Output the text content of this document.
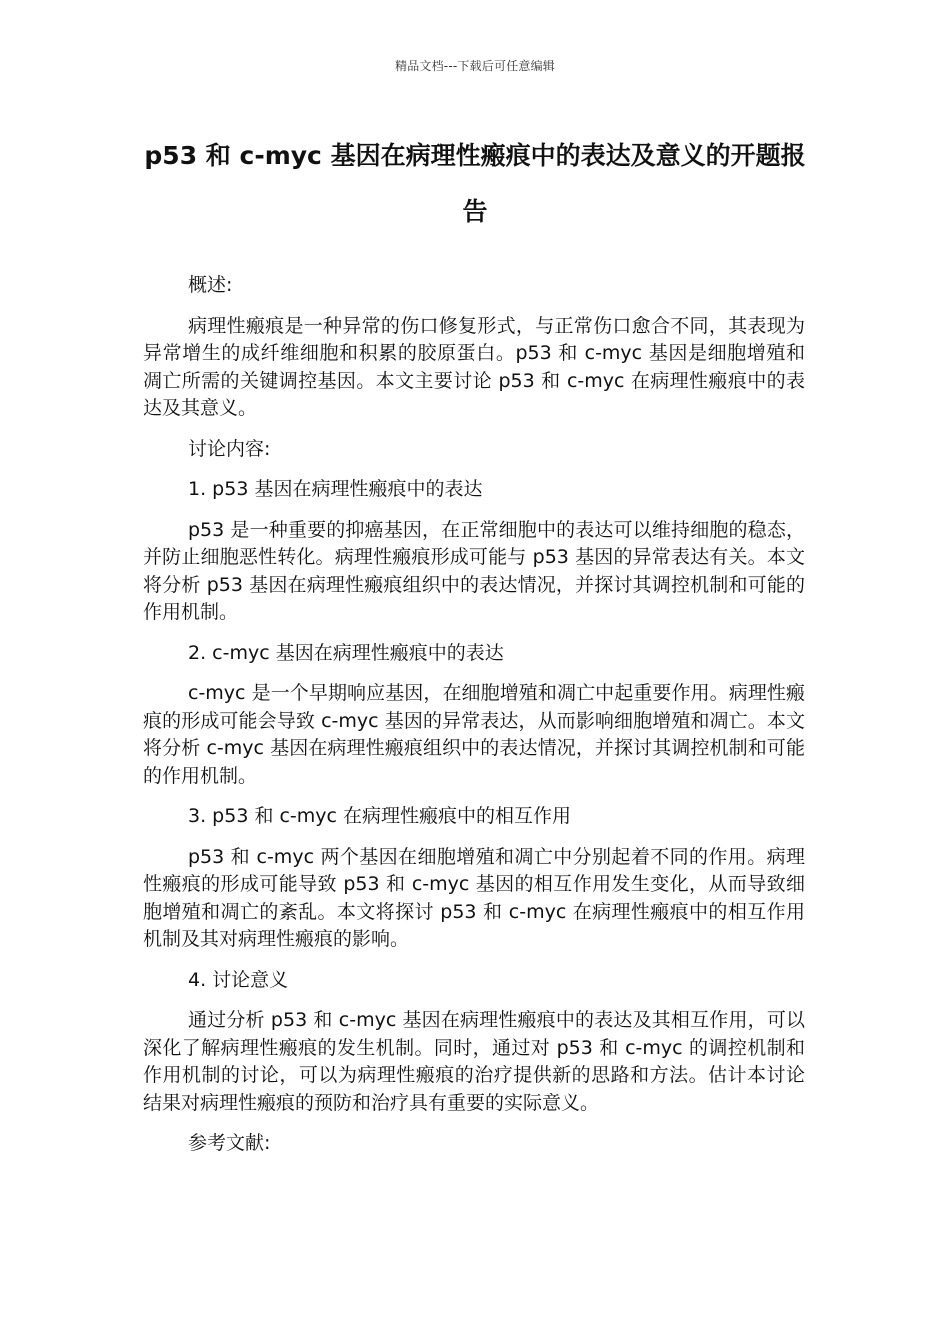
精品文档---下载后可任意编辑
p53 和 c-myc 基因在病理性瘢痕中的表达及意义的开题报告

概述:

病理性瘢痕是一种异常的伤口修复形式，与正常伤口愈合不同，其表现为异常增生的成纤维细胞和积累的胶原蛋白。p53 和 c-myc 基因是细胞增殖和凋亡所需的关键调控基因。本文主要讨论 p53 和 c-myc 在病理性瘢痕中的表达及其意义。

讨论内容:

1. p53 基因在病理性瘢痕中的表达

p53 是一种重要的抑癌基因，在正常细胞中的表达可以维持细胞的稳态，并防止细胞恶性转化。病理性瘢痕形成可能与 p53 基因的异常表达有关。本文将分析 p53 基因在病理性瘢痕组织中的表达情况，并探讨其调控机制和可能的作用机制。

2. c-myc 基因在病理性瘢痕中的表达

c-myc 是一个早期响应基因，在细胞增殖和凋亡中起重要作用。病理性瘢痕的形成可能会导致 c-myc 基因的异常表达，从而影响细胞增殖和凋亡。本文将分析 c-myc 基因在病理性瘢痕组织中的表达情况，并探讨其调控机制和可能的作用机制。

3. p53 和 c-myc 在病理性瘢痕中的相互作用

p53 和 c-myc 两个基因在细胞增殖和凋亡中分别起着不同的作用。病理性瘢痕的形成可能导致 p53 和 c-myc 基因的相互作用发生变化，从而导致细胞增殖和凋亡的紊乱。本文将探讨 p53 和 c-myc 在病理性瘢痕中的相互作用机制及其对病理性瘢痕的影响。

4. 讨论意义

通过分析 p53 和 c-myc 基因在病理性瘢痕中的表达及其相互作用，可以深化了解病理性瘢痕的发生机制。同时，通过对 p53 和 c-myc 的调控机制和作用机制的讨论，可以为病理性瘢痕的治疗提供新的思路和方法。估计本讨论结果对病理性瘢痕的预防和治疗具有重要的实际意义。

参考文献:
